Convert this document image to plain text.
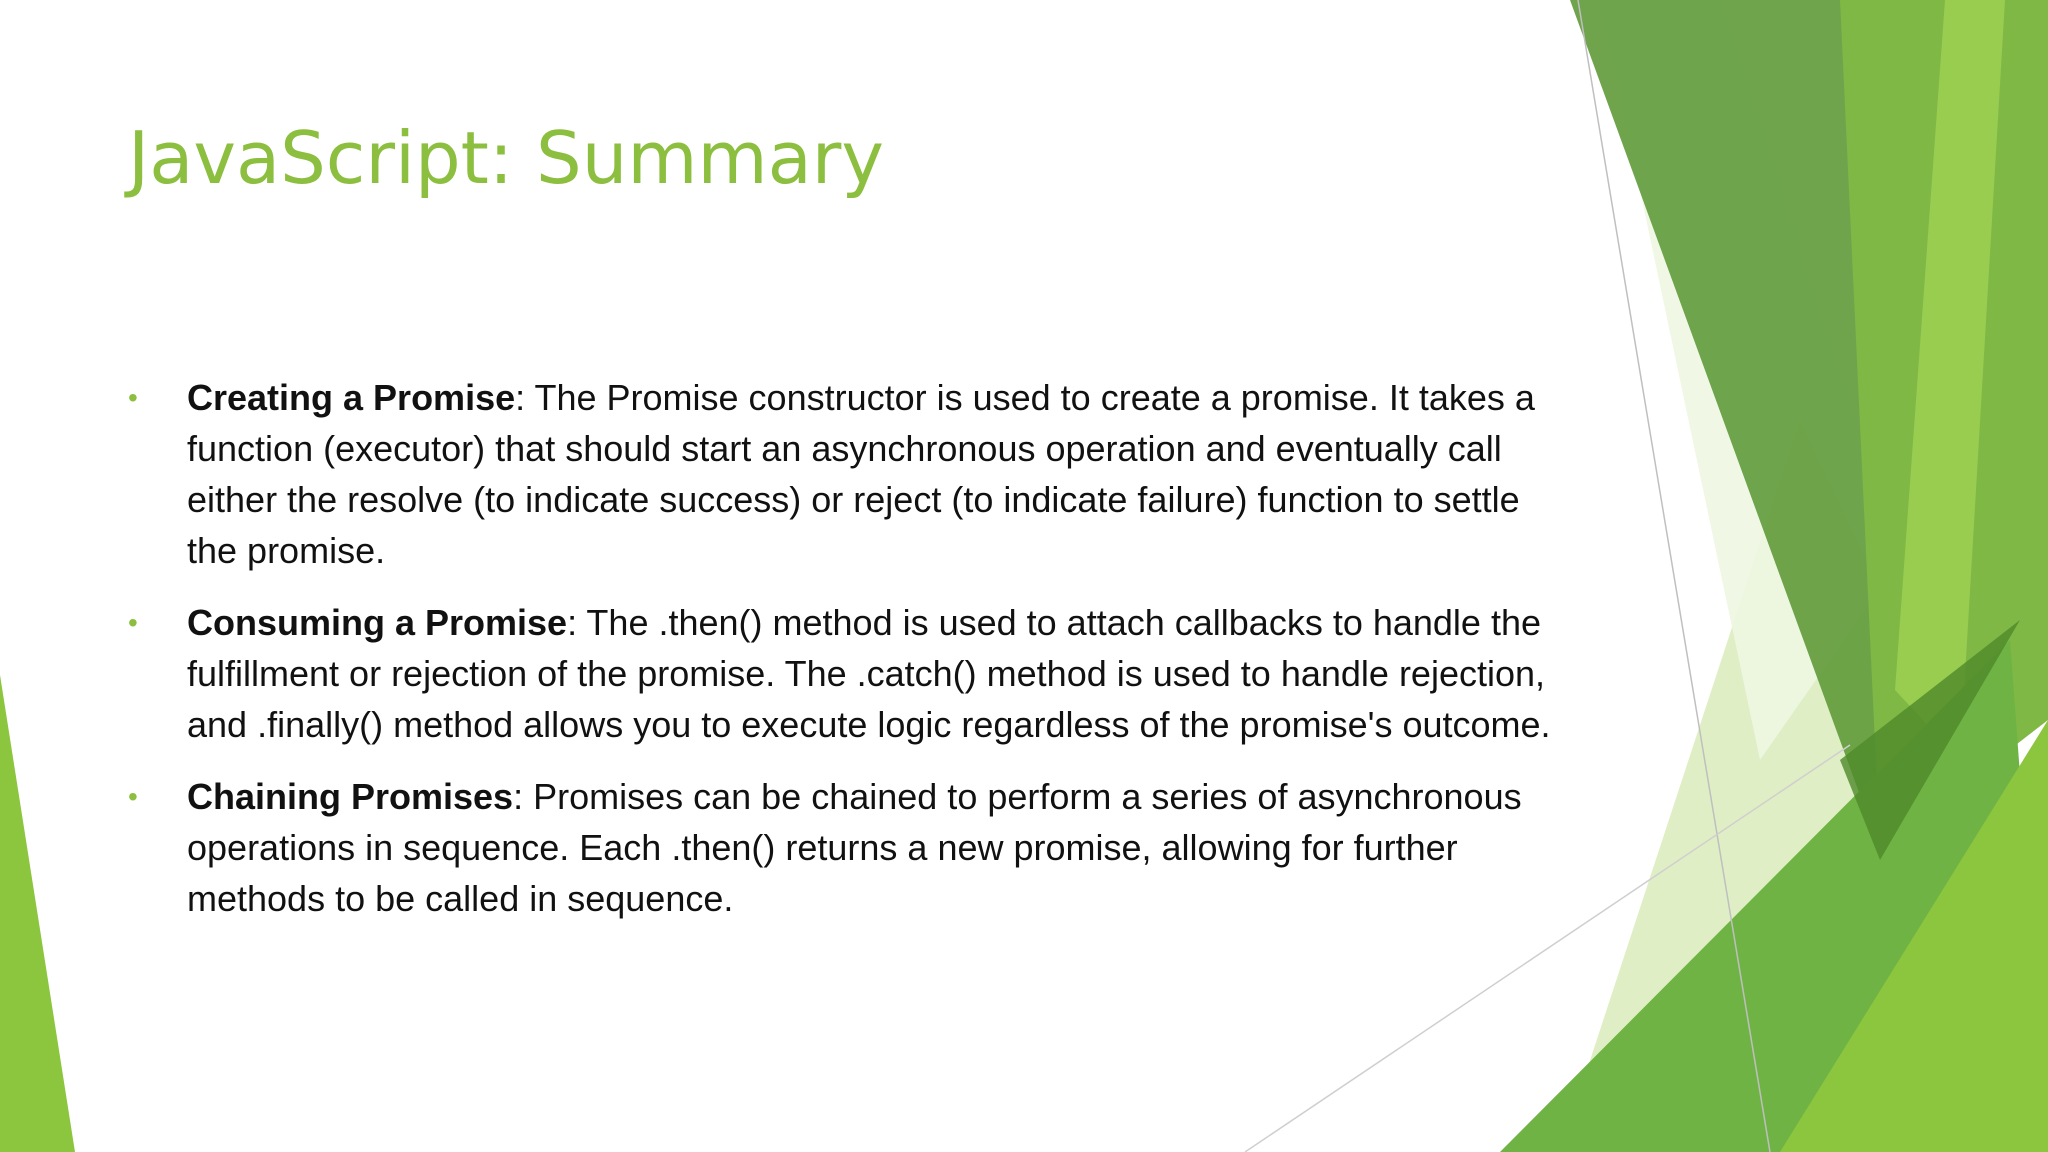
JavaScript: Summary
• Creating a Promise: The Promise constructor is used to create a promise. It takes a function (executor) that should start an asynchronous operation and eventually call either the resolve (to indicate success) or reject (to indicate failure) function to settle the promise.
• Consuming a Promise: The .then() method is used to attach callbacks to handle the fulfillment or rejection of the promise. The .catch() method is used to handle rejection, and .finally() method allows you to execute logic regardless of the promise's outcome.
• Chaining Promises: Promises can be chained to perform a series of asynchronous operations in sequence. Each .then() returns a new promise, allowing for further methods to be called in sequence.
